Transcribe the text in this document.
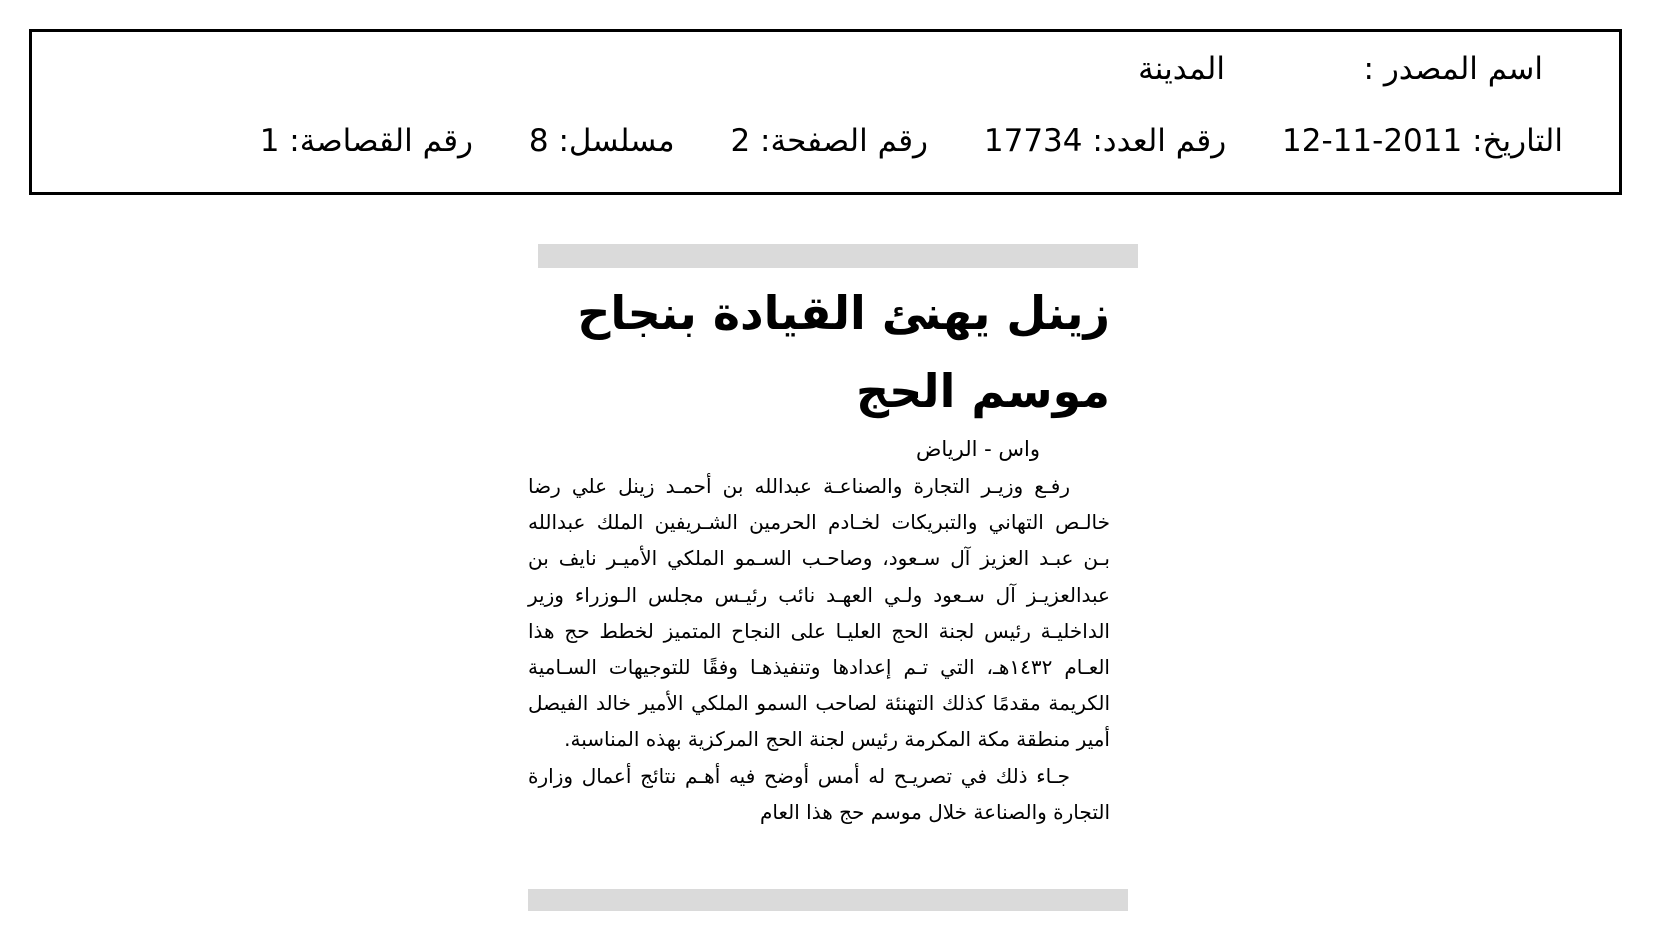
اسم المصدر :
المدينة
التاريخ: 2011-11-12 رقم العدد: 17734 رقم الصفحة: 2 مسلسل: 8 رقم القصاصة: 1
زينل يهنئ القيادة بنجاح
موسم الحج
واس - الرياض
رفـع وزيـر التجارة والصناعـة عبدالله بن أحمـد زينل علي رضا
خالـص التهاني والتبريكات لخـادم الحرمين الشـريفين الملك عبدالله
بـن عبـد العزيز آل سـعود، وصاحـب السـمو الملكي الأميـر نايف بن
عبدالعزيـز آل سـعود ولـي العهـد نائب رئيـس مجلس الـوزراء وزير
الداخليـة رئيس لجنة الحج العليـا على النجاح المتميز لخطط حج هذا
العـام ١٤٣٢هـ، التي تـم إعدادها وتنفيذهـا وفقًا للتوجيهات السـامية
الكريمة مقدمًا كذلك التهنئة لصاحب السمو الملكي الأمير خالد الفيصل
أمير منطقة مكة المكرمة رئيس لجنة الحج المركزية بهذه المناسبة.
جـاء ذلك في تصريـح له أمس أوضح فيه أهـم نتائج أعمال وزارة
التجارة والصناعة خلال موسم حج هذا العام
